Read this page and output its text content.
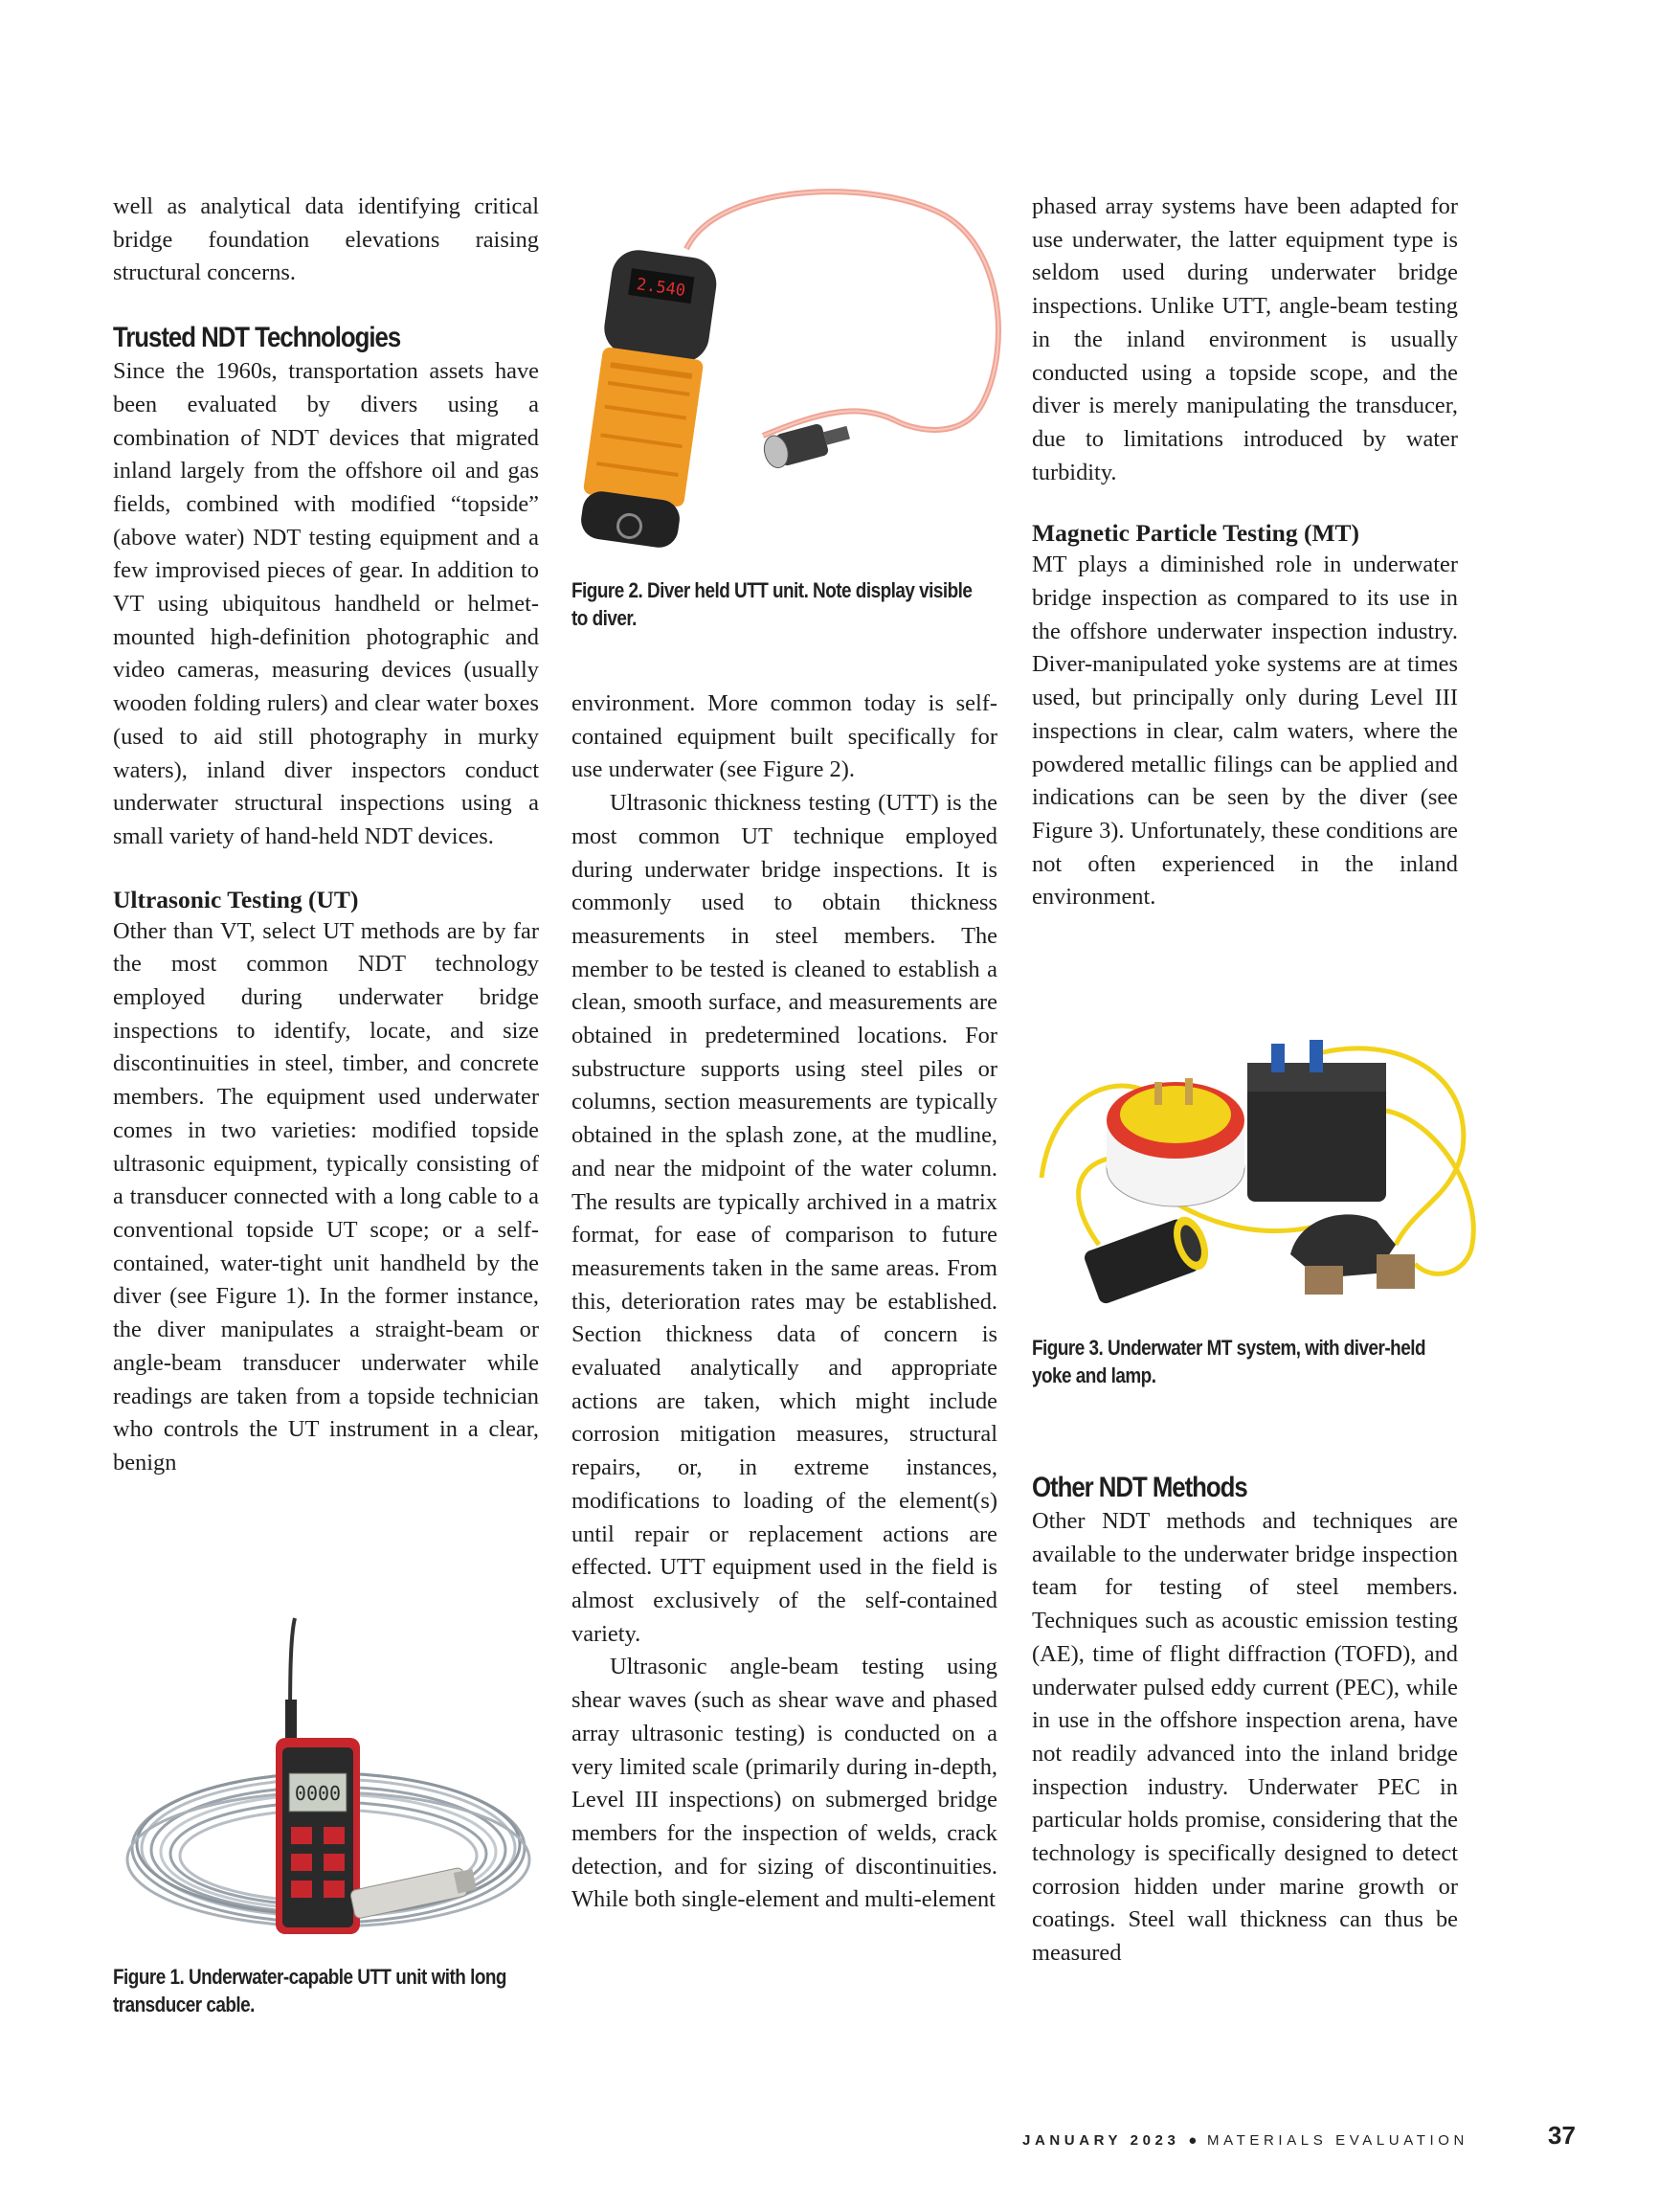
well as analytical data identifying critical bridge foundation elevations raising structural concerns.

Trusted NDT Technologies

Since the 1960s, transportation assets have been evaluated by divers using a combination of NDT devices that migrated inland largely from the offshore oil and gas fields, combined with modified “topside” (above water) NDT testing equipment and a few improvised pieces of gear. In addition to VT using ubiquitous handheld or helmet-mounted high-definition photographic and video cameras, measuring devices (usually wooden folding rulers) and clear water boxes (used to aid still photography in murky waters), inland diver inspectors conduct underwater structural inspections using a small variety of hand-held NDT devices.

Ultrasonic Testing (UT)

Other than VT, select UT methods are by far the most common NDT technology employed during underwater bridge inspections to identify, locate, and size discontinuities in steel, timber, and concrete members. The equipment used underwater comes in two varieties: modified topside ultrasonic equipment, typically consisting of a transducer connected with a long cable to a conventional topside UT scope; or a self-contained, water-tight unit handheld by the diver (see Figure 1). In the former instance, the diver manipulates a straight-beam or angle-beam transducer underwater while readings are taken from a topside technician who controls the UT instrument in a clear, benign

0000
Figure 1. Underwater-capable UTT unit with long transducer cable.
2.540
Figure 2. Diver held UTT unit. Note display visible to diver.

environment. More common today is self-contained equipment built specifically for use underwater (see Figure 2).

Ultrasonic thickness testing (UTT) is the most common UT technique employed during underwater bridge inspections. It is commonly used to obtain thickness measurements in steel members. The member to be tested is cleaned to establish a clean, smooth surface, and measurements are obtained in predetermined locations. For substructure supports using steel piles or columns, section measurements are typically obtained in the splash zone, at the mudline, and near the midpoint of the water column. The results are typically archived in a matrix format, for ease of comparison to future measurements taken in the same areas. From this, deterioration rates may be established. Section thickness data of concern is evaluated analytically and appropriate actions are taken, which might include corrosion mitigation measures, structural repairs, or, in extreme instances, modifications to loading of the element(s) until repair or replacement actions are effected. UTT equipment used in the field is almost exclusively of the self-contained variety.

Ultrasonic angle-beam testing using shear waves (such as shear wave and phased array ultrasonic testing) is conducted on a very limited scale (primarily during in-depth, Level III inspections) on submerged bridge members for the inspection of welds, crack detection, and for sizing of discontinuities. While both single-element and multi-element

phased array systems have been adapted for use underwater, the latter equipment type is seldom used during underwater bridge inspections. Unlike UTT, angle-beam testing in the inland environment is usually conducted using a topside scope, and the diver is merely manipulating the transducer, due to limitations introduced by water turbidity.

Magnetic Particle Testing (MT)

MT plays a diminished role in underwater bridge inspection as compared to its use in the offshore underwater inspection industry. Diver-manipulated yoke systems are at times used, but principally only during Level III inspections in clear, calm waters, where the powdered metallic filings can be applied and indications can be seen by the diver (see Figure 3). Unfortunately, these conditions are not often experienced in the inland environment.

Figure 3. Underwater MT system, with diver-held yoke and lamp.
Other NDT Methods

Other NDT methods and techniques are available to the underwater bridge inspection team for testing of steel members. Techniques such as acoustic emission testing (AE), time of flight diffraction (TOFD), and underwater pulsed eddy current (PEC), while in use in the offshore inspection arena, have not readily advanced into the inland bridge inspection industry. Underwater PEC in particular holds promise, considering that the technology is specifically designed to detect corrosion hidden under marine growth or coatings. Steel wall thickness can thus be measured

JANUARY 2023 ● MATERIALS EVALUATION	37
